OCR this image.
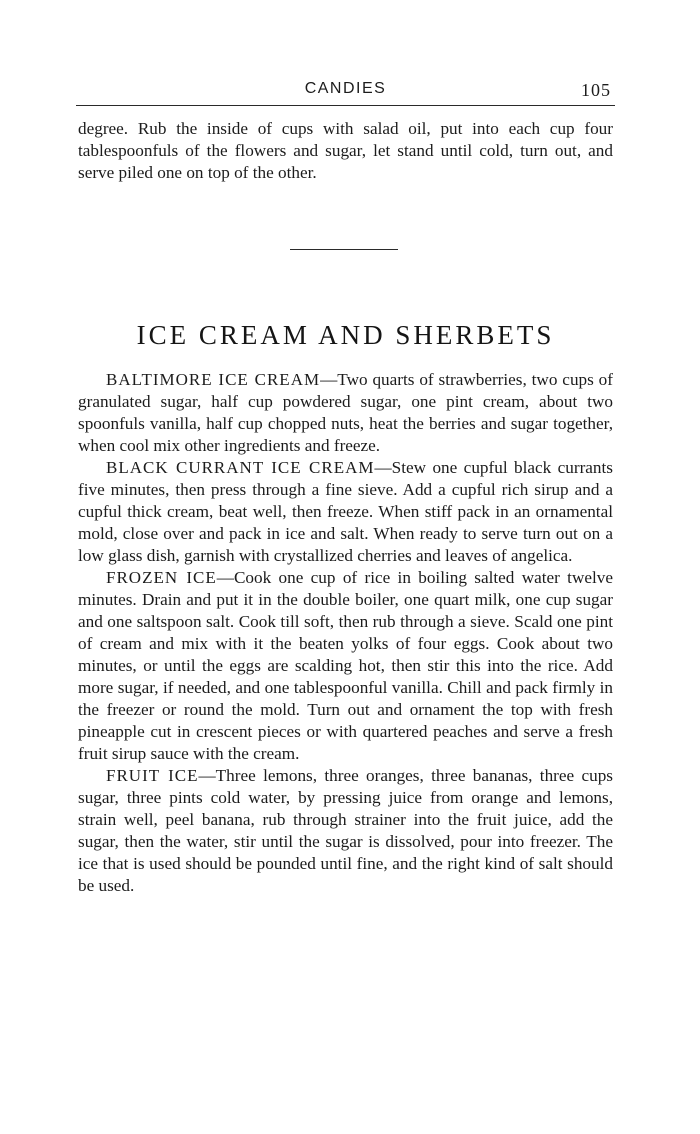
CANDIES	105

degree. Rub the inside of cups with salad oil, put into each cup four tablespoonfuls of the flowers and sugar, let stand until cold, turn out, and serve piled one on top of the other.

ICE CREAM AND SHERBETS

BALTIMORE ICE CREAM—Two quarts of strawberries, two cups of granulated sugar, half cup powdered sugar, one pint cream, about two spoonfuls vanilla, half cup chopped nuts, heat the berries and sugar together, when cool mix other ingredients and freeze.

BLACK CURRANT ICE CREAM—Stew one cupful black currants five minutes, then press through a fine sieve. Add a cupful rich sirup and a cupful thick cream, beat well, then freeze. When stiff pack in an ornamental mold, close over and pack in ice and salt. When ready to serve turn out on a low glass dish, garnish with crystallized cherries and leaves of angelica.

FROZEN ICE—Cook one cup of rice in boiling salted water twelve minutes. Drain and put it in the double boiler, one quart milk, one cup sugar and one saltspoon salt. Cook till soft, then rub through a sieve. Scald one pint of cream and mix with it the beaten yolks of four eggs. Cook about two minutes, or until the eggs are scalding hot, then stir this into the rice. Add more sugar, if needed, and one tablespoonful vanilla. Chill and pack firmly in the freezer or round the mold. Turn out and ornament the top with fresh pineapple cut in crescent pieces or with quartered peaches and serve a fresh fruit sirup sauce with the cream.

FRUIT ICE—Three lemons, three oranges, three bananas, three cups sugar, three pints cold water, by pressing juice from orange and lemons, strain well, peel banana, rub through strainer into the fruit juice, add the sugar, then the water, stir until the sugar is dissolved, pour into freezer. The ice that is used should be pounded until fine, and the right kind of salt should be used.
